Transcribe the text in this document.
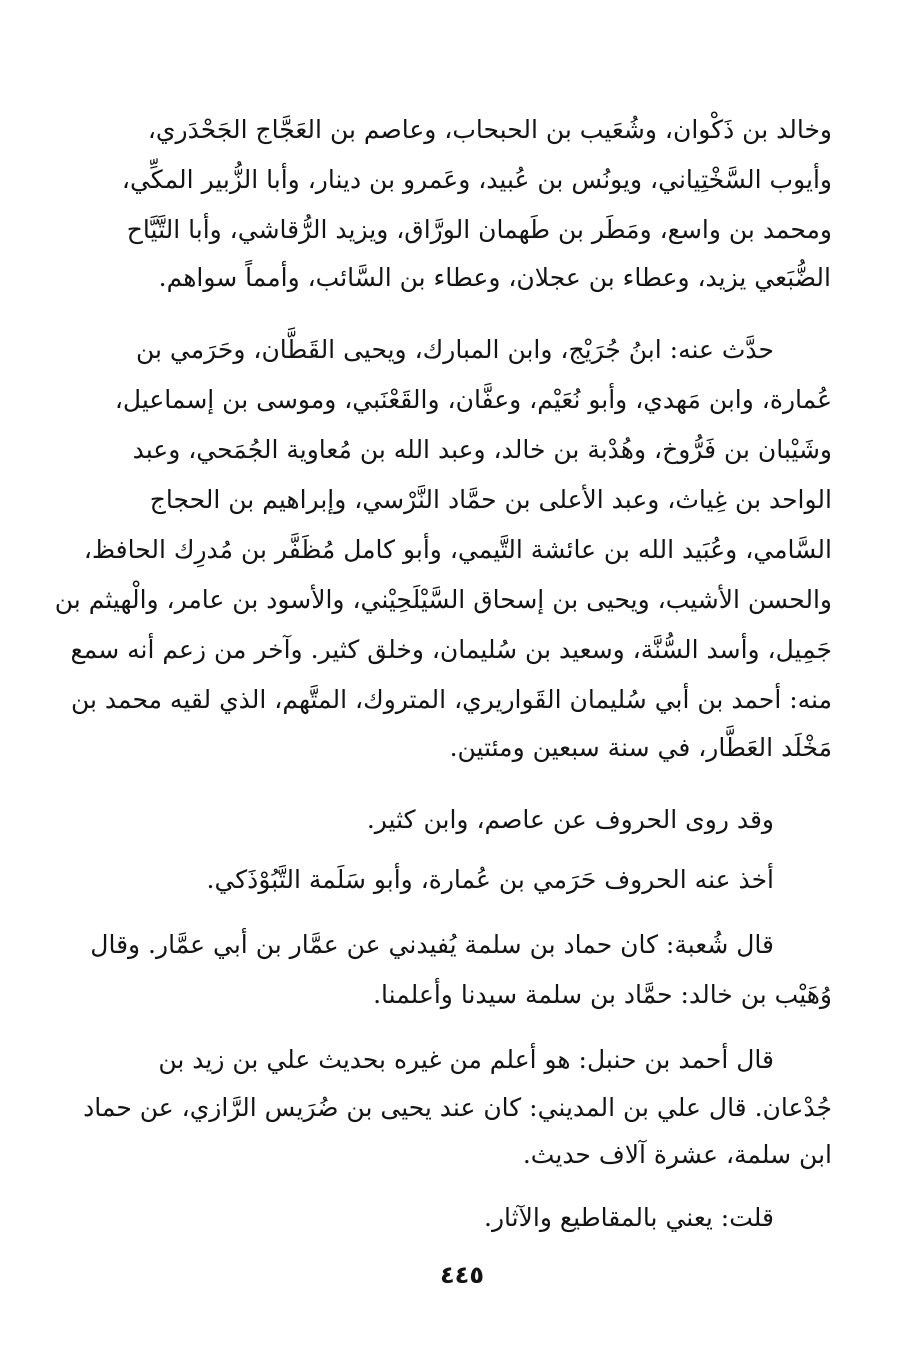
وخالد بن ذَكْوان، وشُعَيب بن الحبحاب، وعاصم بن العَجَّاج الجَحْدَري،
وأيوب السَّخْتِياني، ويونُس بن عُبيد، وعَمرو بن دينار، وأبا الزُّبير المكِّي،
ومحمد بن واسع، ومَطَر بن طَهمان الورَّاق، ويزيد الرُّقاشي، وأبا التَّيَّاح
الضُّبَعي يزيد، وعطاء بن عجلان، وعطاء بن السَّائب، وأمماً سواهم.
حدَّث عنه: ابنُ جُرَيْج، وابن المبارك، ويحيى القَطَّان، وحَرَمي بن
عُمارة، وابن مَهدي، وأبو نُعَيْم، وعفَّان، والقَعْنَبي، وموسى بن إسماعيل،
وشَيْبان بن فَرُّوخ، وهُدْبة بن خالد، وعبد الله بن مُعاوية الجُمَحي، وعبد
الواحد بن غِياث، وعبد الأعلى بن حمَّاد النَّرْسي، وإبراهيم بن الحجاج
السَّامي، وعُبَيد الله بن عائشة التَّيمي، وأبو كامل مُظَفَّر بن مُدرِك الحافظ،
والحسن الأشيب، ويحيى بن إسحاق السَّيْلَحِيْني، والأسود بن عامر، والْهيثم بن
جَمِيل، وأسد السُّنَّة، وسعيد بن سُليمان، وخلق كثير. وآخر من زعم أنه سمع
منه: أحمد بن أبي سُليمان القَواريري، المتروك، المتَّهم، الذي لقيه محمد بن
مَخْلَد العَطَّار، في سنة سبعين ومئتين.
وقد روى الحروف عن عاصم، وابن كثير.
أخذ عنه الحروف حَرَمي بن عُمارة، وأبو سَلَمة التَّبُوْذَكي.
قال شُعبة: كان حماد بن سلمة يُفيدني عن عمَّار بن أبي عمَّار. وقال
وُهَيْب بن خالد: حمَّاد بن سلمة سيدنا وأعلمنا.
قال أحمد بن حنبل: هو أعلم من غيره بحديث علي بن زيد بن
جُدْعان. قال علي بن المديني: كان عند يحيى بن ضُرَيس الرَّازي، عن حماد
ابن سلمة، عشرة آلاف حديث.
قلت: يعني بالمقاطيع والآثار.
٤٤٥
